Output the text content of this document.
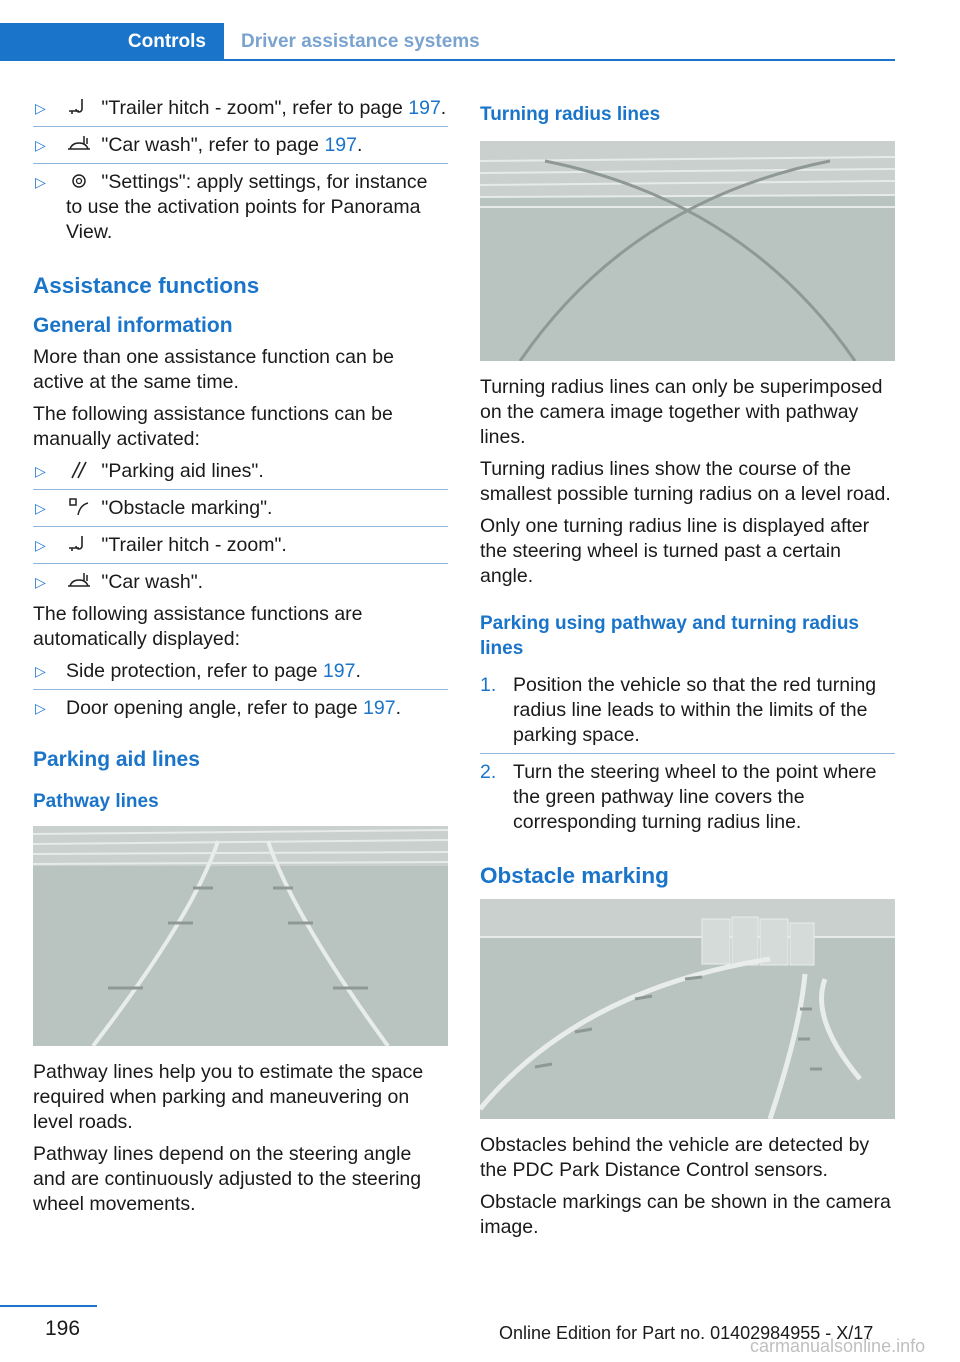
Controls	Driver assistance systems
▷	"Trailer hitch - zoom", refer to page 197.
▷	"Car wash", refer to page 197.
▷	"Settings": apply settings, for instance to use the activation points for Panorama View.
Assistance functions
General information

More than one assistance function can be active at the same time.

The following assistance functions can be manually activated:

▷	"Parking aid lines".
▷	"Obstacle marking".
▷	"Trailer hitch - zoom".
▷	"Car wash".

The following assistance functions are automatically displayed:

▷ Side protection, refer to page 197.
▷ Door opening angle, refer to page 197.
Parking aid lines
Pathway lines

Pathway lines help you to estimate the space required when parking and maneuvering on level roads.

Pathway lines depend on the steering angle and are continuously adjusted to the steering wheel movements.

Turning radius lines

Turning radius lines can only be superimposed on the camera image together with pathway lines.

Turning radius lines show the course of the smallest possible turning radius on a level road.

Only one turning radius line is displayed after the steering wheel is turned past a certain angle.

Parking using pathway and turning radius lines
1. Position the vehicle so that the red turning radius line leads to within the limits of the parking space.
2. Turn the steering wheel to the point where the green pathway line covers the corresponding turning radius line.
Obstacle marking

Obstacles behind the vehicle are detected by the PDC Park Distance Control sensors.

Obstacle markings can be shown in the camera image.

196	Online Edition for Part no. 01402984955 - X/17
carmanualsonline.info
